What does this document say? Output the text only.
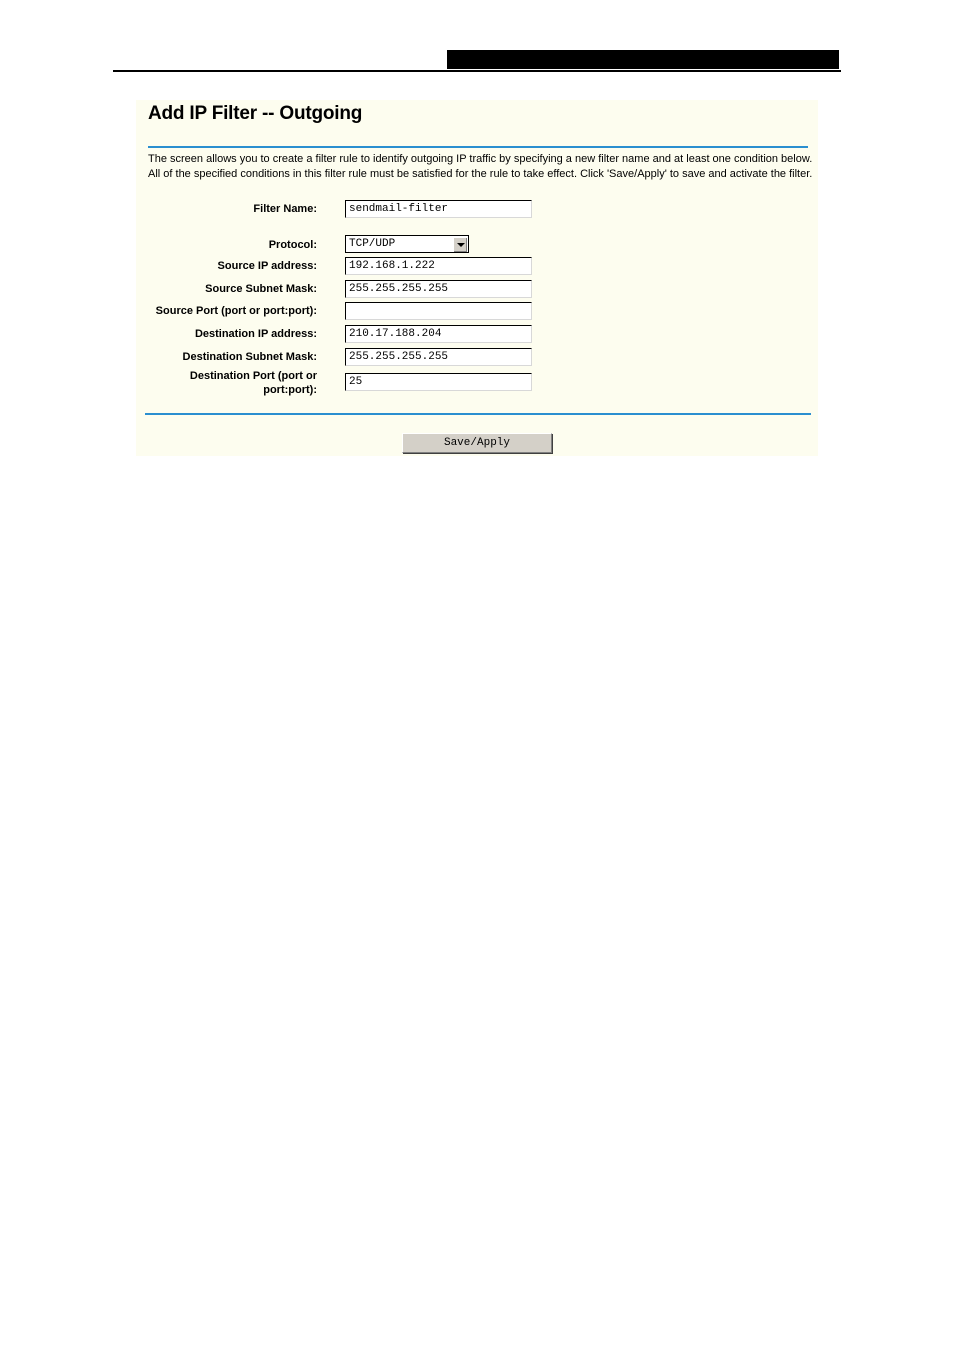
Add IP Filter -- Outgoing
The screen allows you to create a filter rule to identify outgoing IP traffic by specifying a new filter name and at least one condition below. All of the specified conditions in this filter rule must be satisfied for the rule to take effect. Click 'Save/Apply' to save and activate the filter.
Filter Name:	sendmail-filter
Protocol:	TCP/UDP
Source IP address:	192.168.1.222
Source Subnet Mask:	255.255.255.255
Source Port (port or port:port):
Destination IP address:	210.17.188.204
Destination Subnet Mask:	255.255.255.255
Destination Port (port or port:port):
25
Save/Apply
